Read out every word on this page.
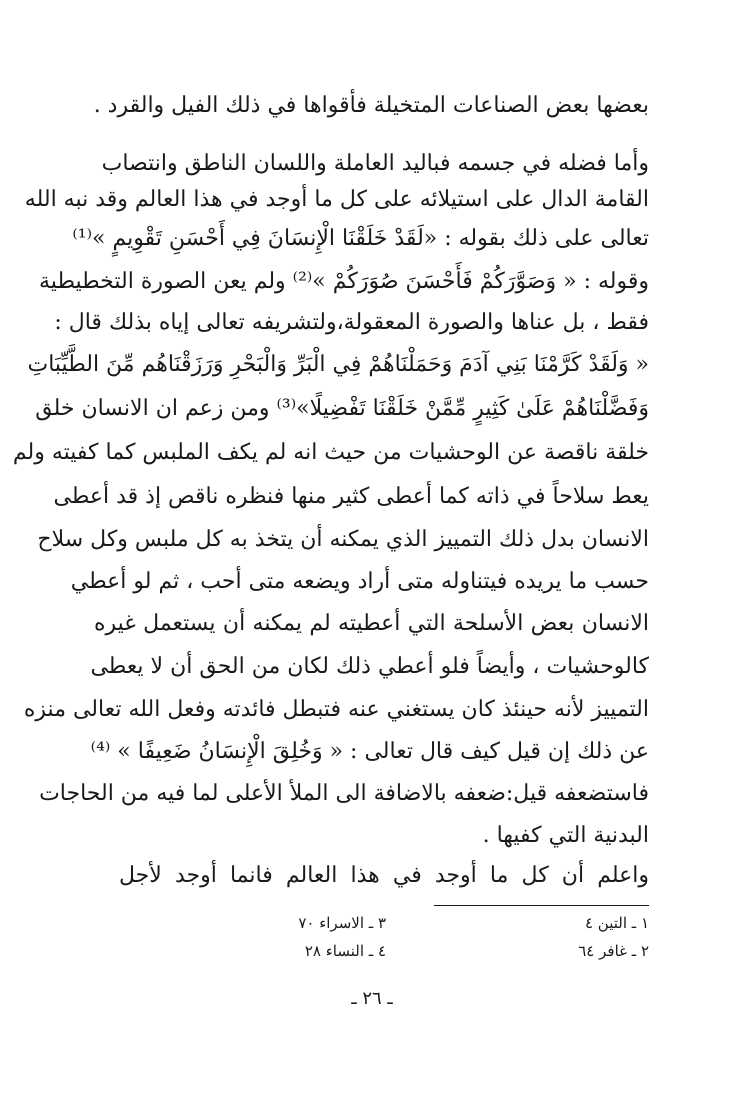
بعضها بعض الصناعات المتخيلة فأقواها في ذلك الفيل والقرد .
وأما فضله في جسمه فباليد العاملة واللسان الناطق وانتصاب
القامة الدال على استيلائه على كل ما أوجد في هذا العالم وقد نبه الله
تعالى على ذلك بقوله : «لَقَدْ خَلَقْنَا الْإِنسَانَ فِي أَحْسَنِ تَقْوِيمٍ »⁽¹⁾
وقوله : « وَصَوَّرَكُمْ فَأَحْسَنَ صُوَرَكُمْ »⁽²⁾ ولم يعن الصورة التخطيطية
فقط ، بل عناها والصورة المعقولة،ولتشريفه تعالى إياه بذلك قال :
« وَلَقَدْ كَرَّمْنَا بَنِي آدَمَ وَحَمَلْنَاهُمْ فِي الْبَرِّ وَالْبَحْرِ وَرَزَقْنَاهُم مِّنَ الطَّيِّبَاتِ
وَفَضَّلْنَاهُمْ عَلَىٰ كَثِيرٍ مِّمَّنْ خَلَقْنَا تَفْضِيلًا»⁽³⁾ ومن زعم ان الانسان خلق
خلقة ناقصة عن الوحشيات من حيث انه لم يكف الملبس كما كفيته ولم
يعط سلاحاً في ذاته كما أعطى كثير منها فنظره ناقص إذ قد أعطى
الانسان بدل ذلك التمييز الذي يمكنه أن يتخذ به كل ملبس وكل سلاح
حسب ما يريده فيتناوله متى أراد ويضعه متى أحب ، ثم لو أعطي
الانسان بعض الأسلحة التي أعطيته لم يمكنه أن يستعمل غيره
كالوحشيات ، وأيضاً فلو أعطي ذلك لكان من الحق أن لا يعطى
التمييز لأنه حينئذ كان يستغني عنه فتبطل فائدته وفعل الله تعالى منزه
عن ذلك إن قيل كيف قال تعالى : « وَخُلِقَ الْإِنسَانُ ضَعِيفًا » ⁽⁴⁾
فاستضعفه قيل:ضعفه بالاضافة الى الملأ الأعلى لما فيه من الحاجات
البدنية التي كفيها .
واعلم أن كل ما أوجد في هذا العالم فانما أوجد لأجل
١ ـ التين ٤
٣ ـ الاسراء ٧٠
٢ ـ غافر ٦٤
٤ ـ النساء ٢٨
ـ ٢٦ ـ
